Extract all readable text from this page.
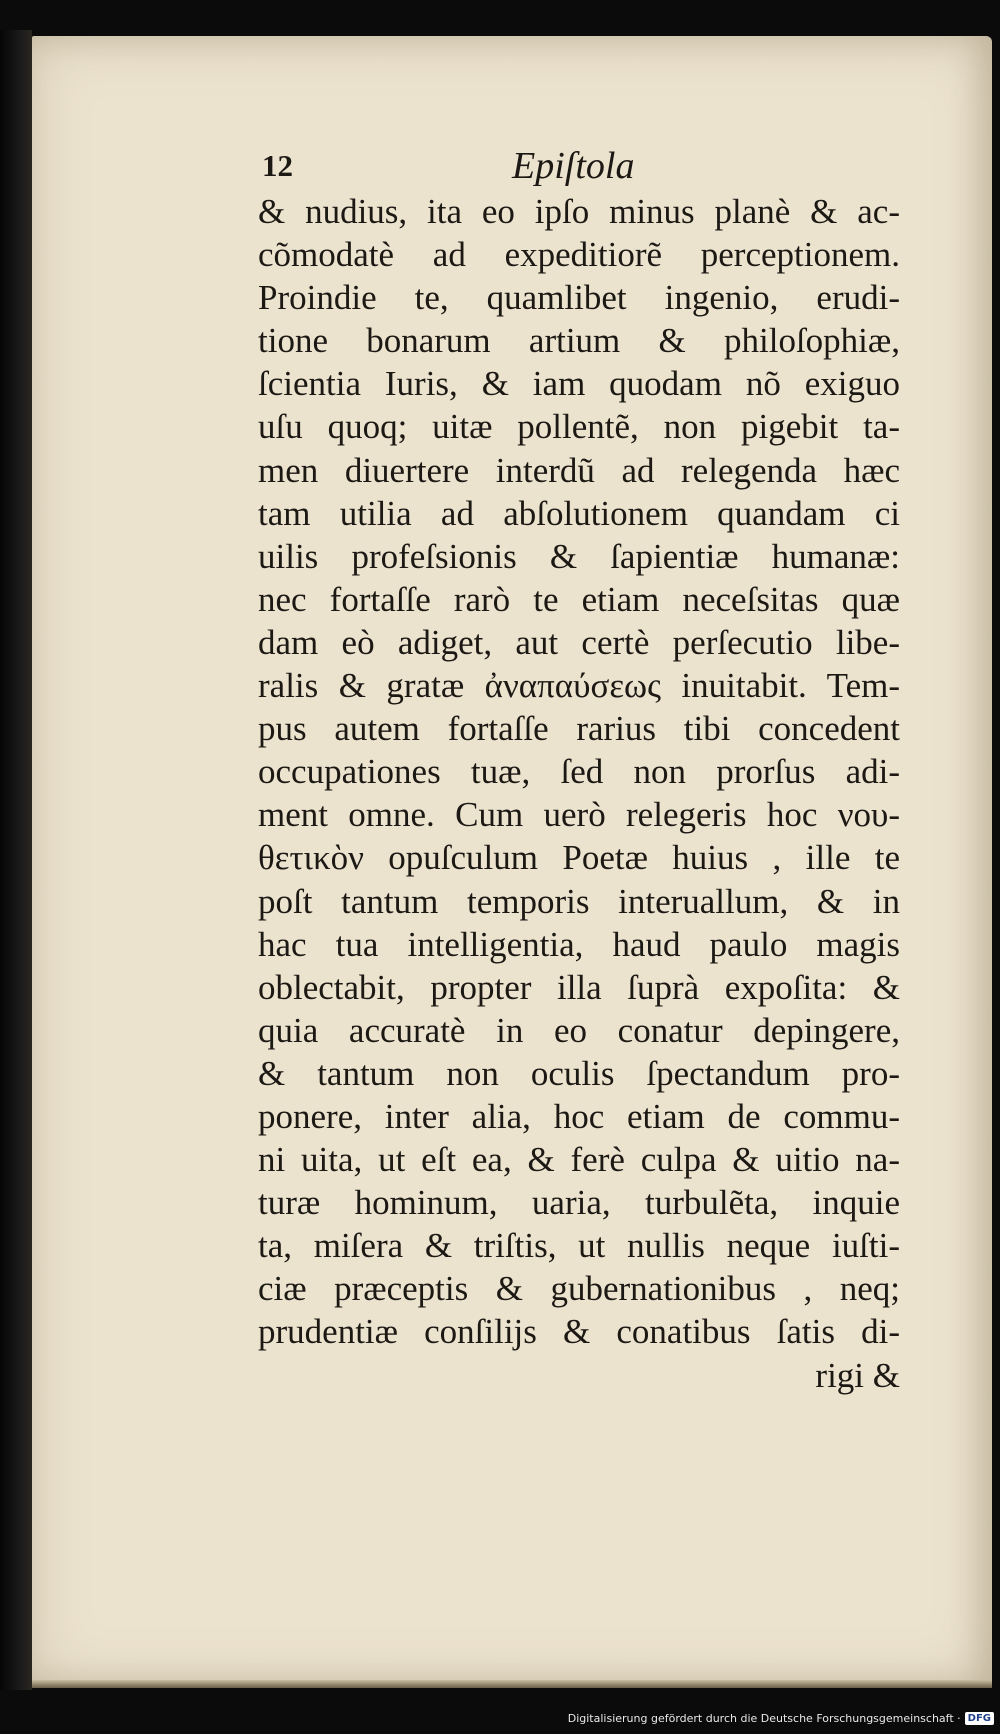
12	Epiſtola
& nudius, ita eo ipſo minus planè & ac-
cõmodatè ad expeditiorẽ perceptionem.
Proindie te, quamlibet ingenio, erudi-
tione bonarum artium & philoſophiæ,
ſcientia Iuris, & iam quodam nõ exiguo
uſu quoq; uitæ pollentẽ, non pigebit ta-
men diuertere interdũ ad relegenda hæc
tam utilia ad abſolutionem quandam ci
uilis profeſsionis & ſapientiæ humanæ:
nec fortaſſe rarò te etiam neceſsitas quæ
dam eò adiget, aut certè perſecutio libe-
ralis & gratæ ἀναπαύσεως inuitabit. Tem-
pus autem fortaſſe rarius tibi concedent
occupationes tuæ, ſed non prorſus adi-
ment omne. Cum uerò relegeris hoc νου-
θετικὸν opuſculum Poetæ huius , ille te
poſt tantum temporis interuallum, & in
hac tua intelligentia, haud paulo magis
oblectabit, propter illa ſuprà expoſita: &
quia accuratè in eo conatur depingere,
& tantum non oculis ſpectandum pro-
ponere, inter alia, hoc etiam de commu-
ni uita, ut eſt ea, & ferè culpa & uitio na-
turæ hominum, uaria, turbulẽta, inquie
ta, miſera & triſtis, ut nullis neque iuſti-
ciæ præceptis & gubernationibus , neq;
prudentiæ conſilijs & conatibus ſatis di-
rigi &
Digitalisierung gefördert durch die Deutsche Forschungsgemeinschaft · DFG
